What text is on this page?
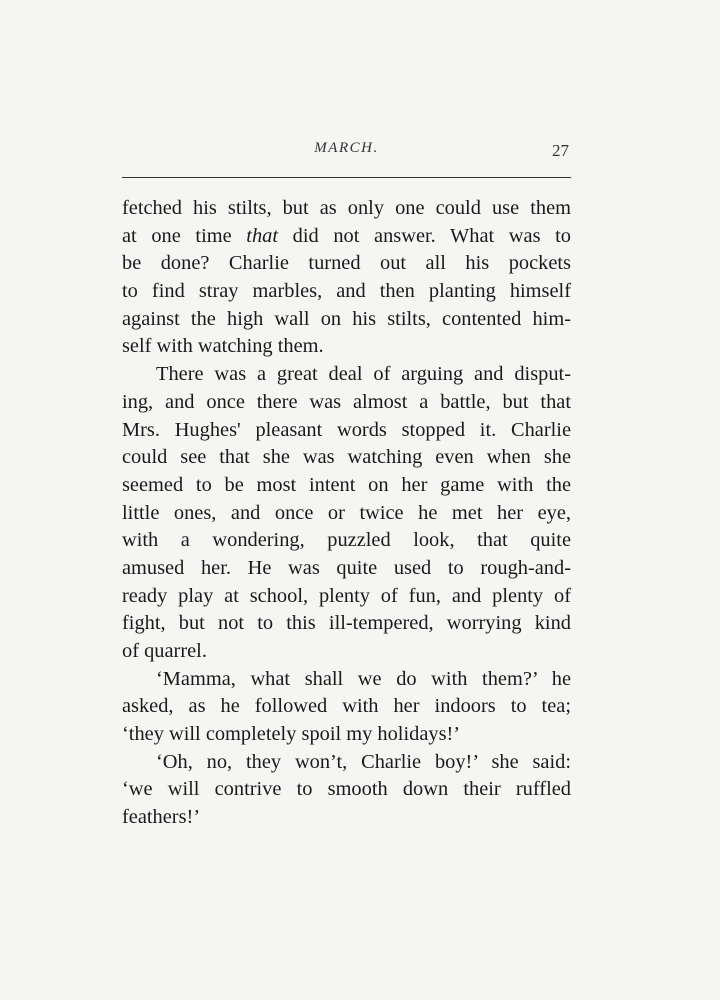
MARCH.	27
fetched his stilts, but as only one could use them
at one time that did not answer. What was to
be done? Charlie turned out all his pockets
to find stray marbles, and then planting himself
against the high wall on his stilts, contented him-
self with watching them.
There was a great deal of arguing and disput-
ing, and once there was almost a battle, but that
Mrs. Hughes' pleasant words stopped it. Charlie
could see that she was watching even when she
seemed to be most intent on her game with the
little ones, and once or twice he met her eye,
with a wondering, puzzled look, that quite
amused her. He was quite used to rough-and-
ready play at school, plenty of fun, and plenty of
fight, but not to this ill-tempered, worrying kind
of quarrel.
‘Mamma, what shall we do with them?’ he
asked, as he followed with her indoors to tea;
‘they will completely spoil my holidays!’
‘Oh, no, they won’t, Charlie boy!’ she said:
‘we will contrive to smooth down their ruffled
feathers!’
